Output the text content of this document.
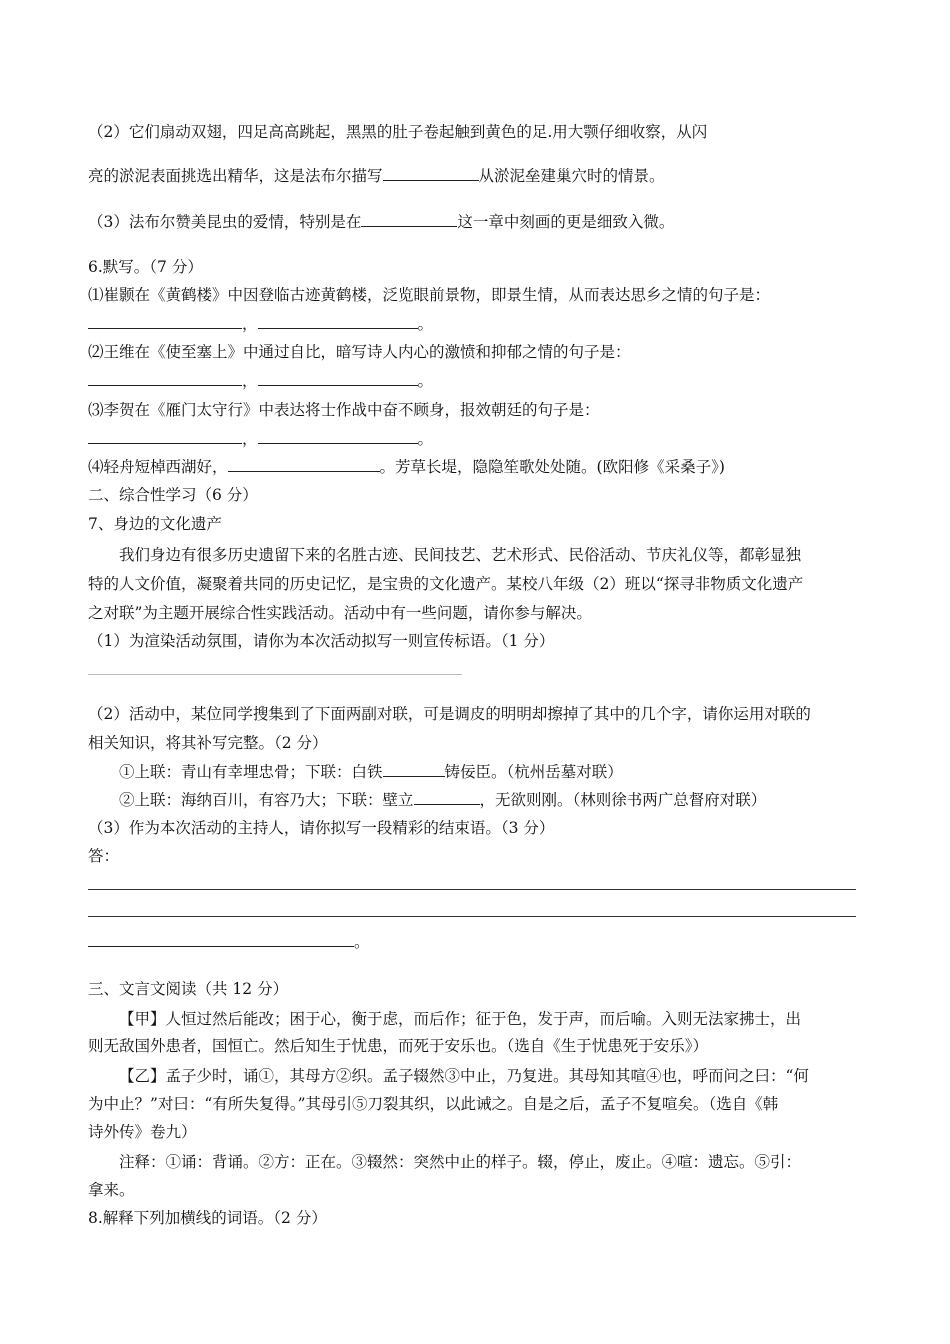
（2）它们扇动双翅，四足高高跳起，黑黑的肚子卷起触到黄色的足.用大颚仔细收察，从闪
亮的淤泥表面挑选出精华，这是法布尔描写	从淤泥垒建巢穴时的情景。
（3）法布尔赞美昆虫的爱情，特别是在	这一章中刻画的更是细致入微。
6.默写。（7 分）
⑴崔颢在《黄鹤楼》中因登临古迹黄鹤楼，泛览眼前景物，即景生情，从而表达思乡之情的句子是：
，	。
⑵王维在《使至塞上》中通过自比，暗写诗人内心的激愤和抑郁之情的句子是：
，	。
⑶李贺在《雁门太守行》中表达将士作战中奋不顾身，报效朝廷的句子是：
，	。
⑷轻舟短棹西湖好，	。芳草长堤，隐隐笙歌处处随。(欧阳修《采桑子》)
二、综合性学习（6 分）
7、身边的文化遗产
我们身边有很多历史遗留下来的名胜古迹、民间技艺、艺术形式、民俗活动、节庆礼仪等，都彰显独
特的人文价值，凝聚着共同的历史记忆，是宝贵的文化遗产。某校八年级（2）班以“探寻非物质文化遗产
之对联”为主题开展综合性实践活动。活动中有一些问题，请你参与解决。
（1）为渲染活动氛围，请你为本次活动拟写一则宣传标语。（1 分）
（2）活动中，某位同学搜集到了下面两副对联，可是调皮的明明却擦掉了其中的几个字，请你运用对联的
相关知识，将其补写完整。（2 分）
①上联：青山有幸埋忠骨；下联：白铁	铸佞臣。（杭州岳墓对联）
②上联：海纳百川，有容乃大；下联：壁立	，无欲则刚。（林则徐书两广总督府对联）
（3）作为本次活动的主持人，请你拟写一段精彩的结束语。（3 分）
答：
。
三、文言文阅读（共 12 分）
【甲】人恒过然后能改；困于心，衡于虑，而后作；征于色，发于声，而后喻。入则无法家拂士，出
则无敌国外患者，国恒亡。然后知生于忧患，而死于安乐也。（选自《生于忧患死于安乐》）
【乙】孟子少时，诵①，其母方②织。孟子辍然③中止，乃复进。其母知其喧④也，呼而问之曰：“何
为中止？”对曰：“有所失复得。”其母引⑤刀裂其织，以此诫之。自是之后，孟子不复喧矣。（选自《韩
诗外传》卷九）
注释：①诵：背诵。②方：正在。③辍然：突然中止的样子。辍，停止，废止。④喧：遗忘。⑤引：
拿来。
8.解释下列加横线的词语。（2 分）
